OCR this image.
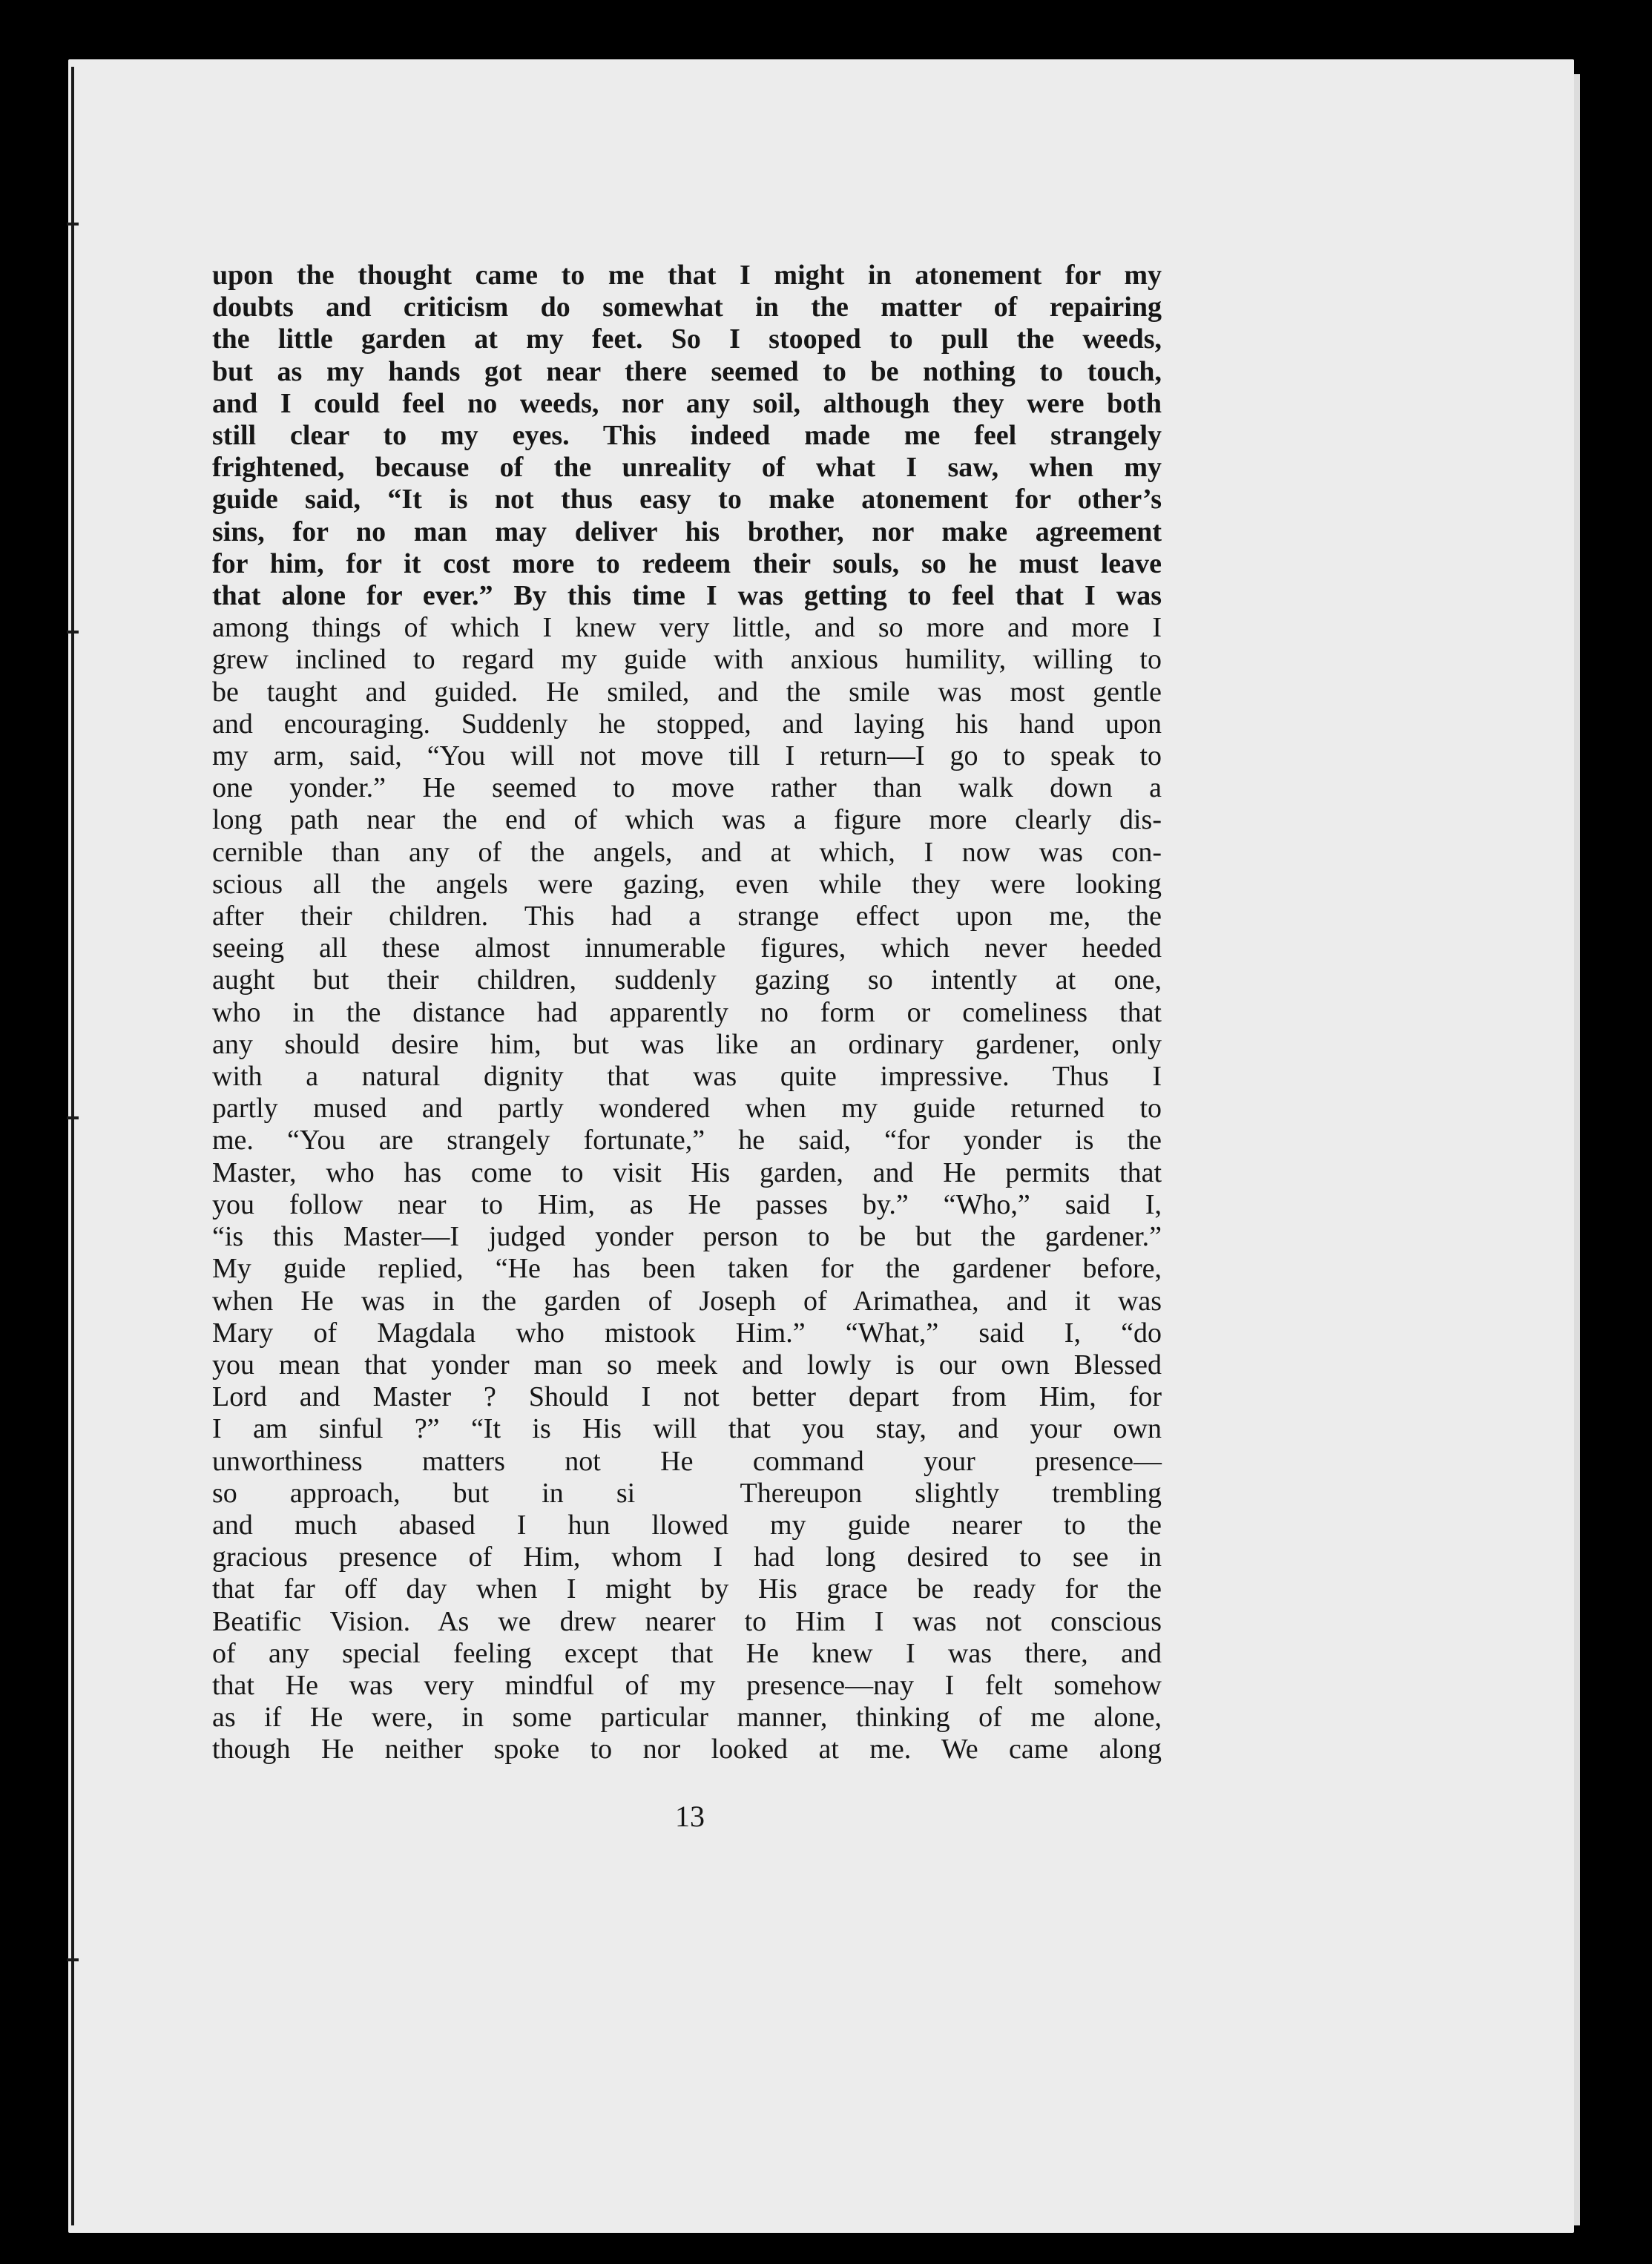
upon the thought came to me that I might in atonement for my
doubts and criticism do somewhat in the matter of repairing
the little garden at my feet. So I stooped to pull the weeds,
but as my hands got near there seemed to be nothing to touch,
and I could feel no weeds, nor any soil, although they were both
still clear to my eyes. This indeed made me feel strangely
frightened, because of the unreality of what I saw, when my
guide said, “It is not thus easy to make atonement for other’s
sins, for no man may deliver his brother, nor make agreement
for him, for it cost more to redeem their souls, so he must leave
that alone for ever.” By this time I was getting to feel that I was
among things of which I knew very little, and so more and more I
grew inclined to regard my guide with anxious humility, willing to
be taught and guided. He smiled, and the smile was most gentle
and encouraging. Suddenly he stopped, and laying his hand upon
my arm, said, “You will not move till I return—I go to speak to
one yonder.” He seemed to move rather than walk down a
long path near the end of which was a figure more clearly dis-
cernible than any of the angels, and at which, I now was con-
scious all the angels were gazing, even while they were looking
after their children. This had a strange effect upon me, the
seeing all these almost innumerable figures, which never heeded
aught but their children, suddenly gazing so intently at one,
who in the distance had apparently no form or comeliness that
any should desire him, but was like an ordinary gardener, only
with a natural dignity that was quite impressive. Thus I
partly mused and partly wondered when my guide returned to
me. “You are strangely fortunate,” he said, “for yonder is the
Master, who has come to visit His garden, and He permits that
you follow near to Him, as He passes by.” “Who,” said I,
“is this Master—I judged yonder person to be but the gardener.”
My guide replied, “He has been taken for the gardener before,
when He was in the garden of Joseph of Arimathea, and it was
Mary of Magdala who mistook Him.” “What,” said I, “do
you mean that yonder man so meek and lowly is our own Blessed
Lord and Master ? Should I not better depart from Him, for
I am sinful ?” “It is His will that you stay, and your own
unworthiness matters not He command your presence—
so approach, but in si  Thereupon slightly trembling
and much abased I hun llowed my guide nearer to the
gracious presence of Him, whom I had long desired to see in
that far off day when I might by His grace be ready for the
Beatific Vision. As we drew nearer to Him I was not conscious
of any special feeling except that He knew I was there, and
that He was very mindful of my presence—nay I felt somehow
as if He were, in some particular manner, thinking of me alone,
though He neither spoke to nor looked at me. We came along
13
